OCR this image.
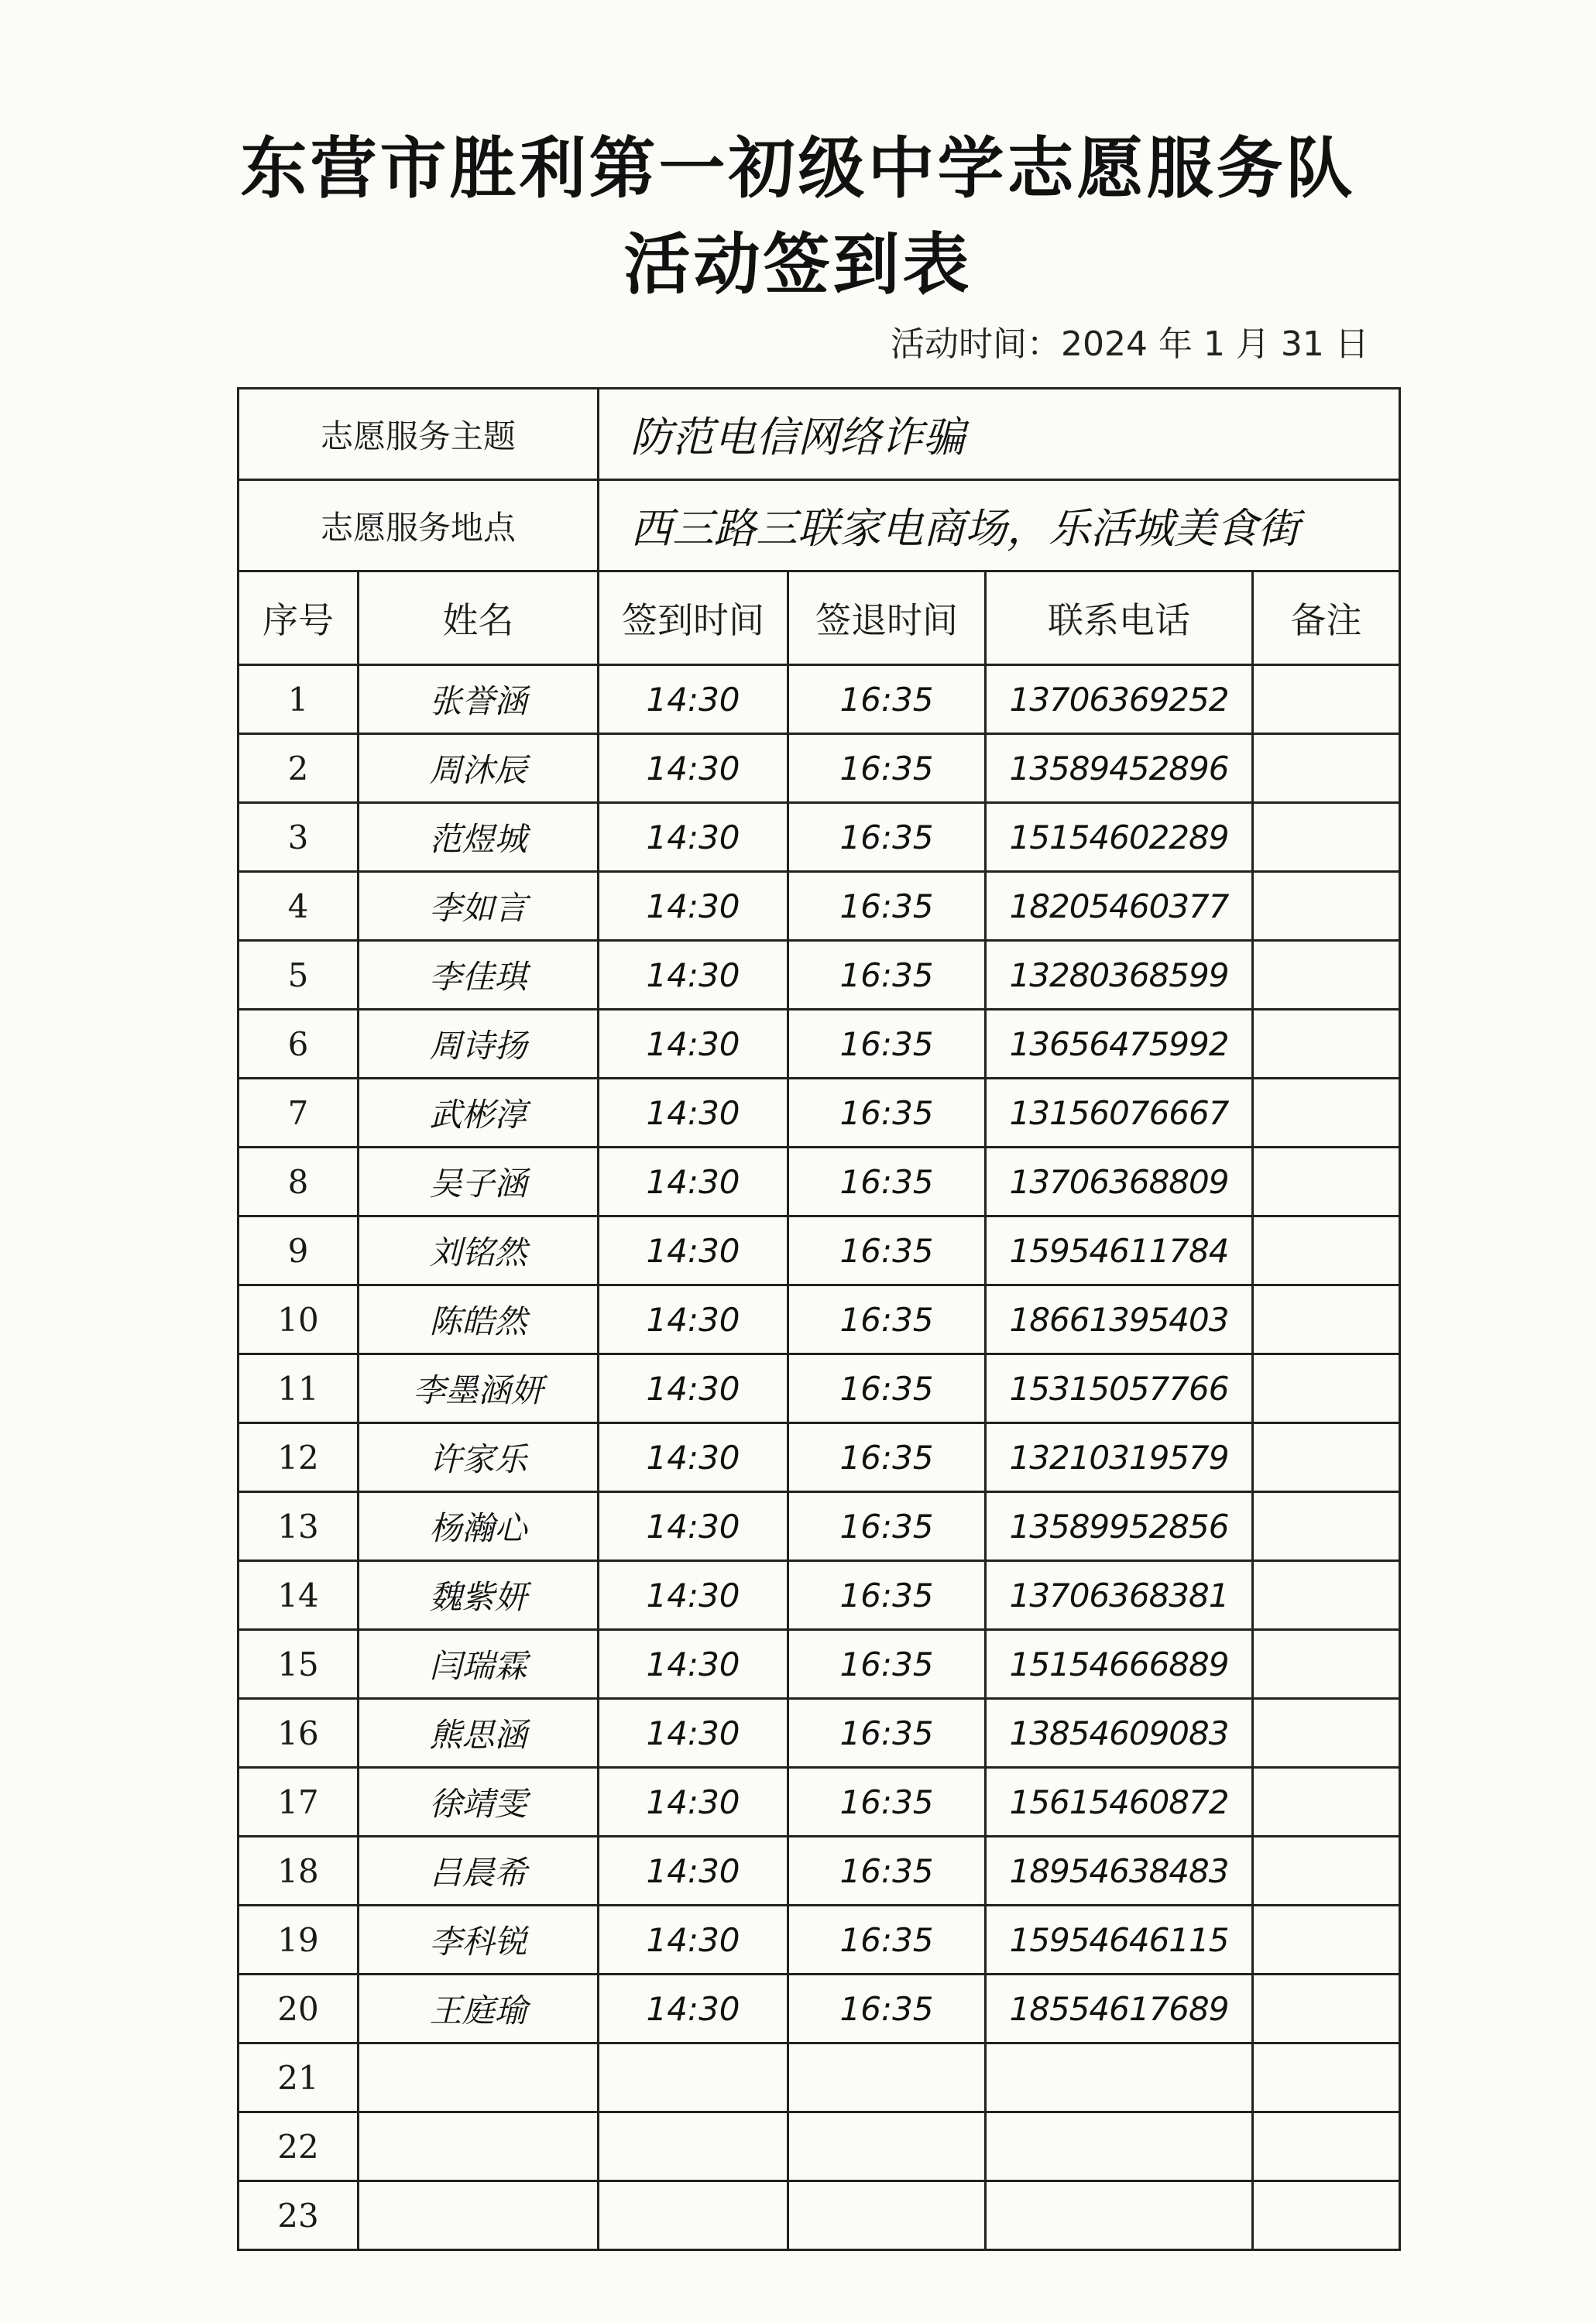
东营市胜利第一初级中学志愿服务队
活动签到表
活动时间：2024 年 1 月 31 日
志愿服务主题		防范电信网络诈骗			
志愿服务地点		西三路三联家电商场，乐活城美食街			
序号	姓名	签到时间	签退时间	联系电话	备注
1	张誉涵	14:30	16:35	13706369252	
2	周沐辰	14:30	16:35	13589452896	
3	范煜城	14:30	16:35	15154602289	
4	李如言	14:30	16:35	18205460377	
5	李佳琪	14:30	16:35	13280368599	
6	周诗扬	14:30	16:35	13656475992	
7	武彬淳	14:30	16:35	13156076667	
8	吴子涵	14:30	16:35	13706368809	
9	刘铭然	14:30	16:35	15954611784	
10	陈皓然	14:30	16:35	18661395403	
11	李墨涵妍	14:30	16:35	15315057766	
12	许家乐	14:30	16:35	13210319579	
13	杨瀚心	14:30	16:35	13589952856	
14	魏紫妍	14:30	16:35	13706368381	
15	闫瑞霖	14:30	16:35	15154666889	
16	熊思涵	14:30	16:35	13854609083	
17	徐靖雯	14:30	16:35	15615460872	
18	吕晨希	14:30	16:35	18954638483	
19	李科锐	14:30	16:35	15954646115	
20	王庭瑜	14:30	16:35	18554617689	
21					
22					
23					
